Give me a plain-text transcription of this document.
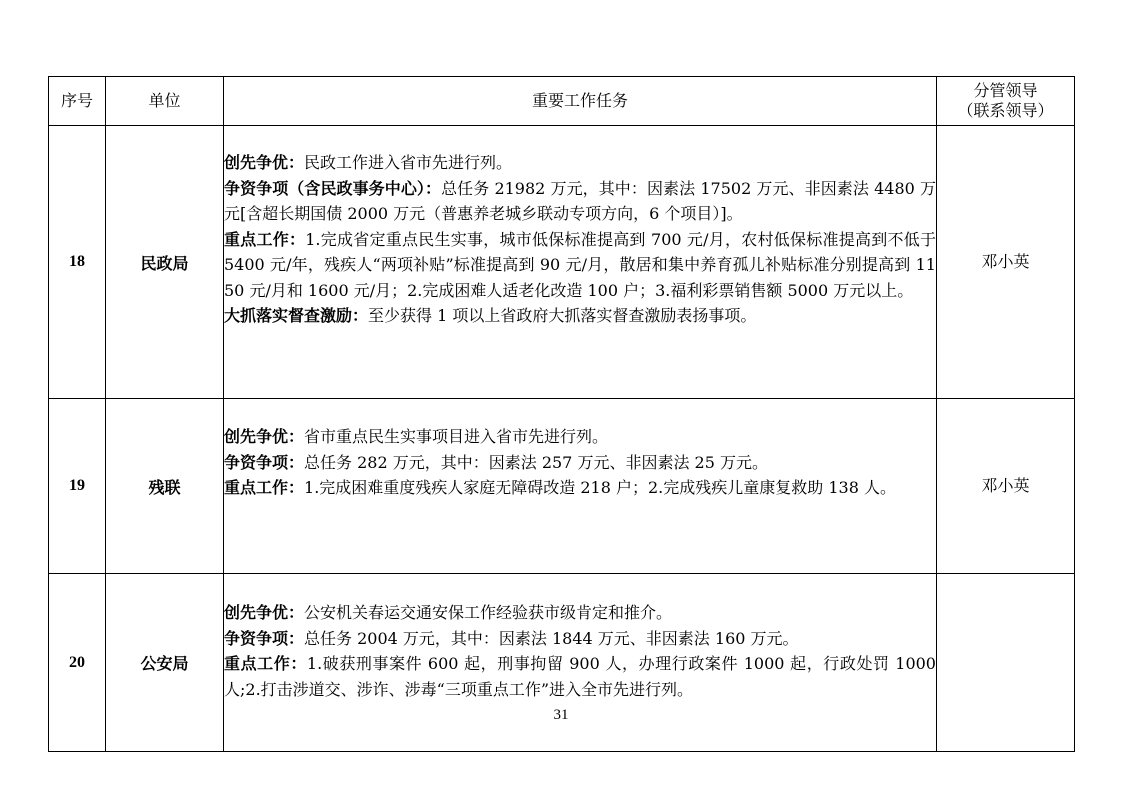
序号	单位	重要工作任务	分管领导
（联系领导）

18	民政局	创先争优：民政工作进入省市先进行列。
争资争项（含民政事务中心）：总任务 21982 万元，其中：因素法 17502 万元、非因素法 4480 万元[含超长期国债 2000 万元（普惠养老城乡联动专项方向，6 个项目）]。
重点工作：1.完成省定重点民生实事，城市低保标准提高到 700 元/月，农村低保标准提高到不低于 5400 元/年，残疾人“两项补贴”标准提高到 90 元/月，散居和集中养育孤儿补贴标准分别提高到 1150 元/月和 1600 元/月；2.完成困难人适老化改造 100 户；3.福利彩票销售额 5000 万元以上。
大抓落实督查激励：至少获得 1 项以上省政府大抓落实督查激励表扬事项。	邓小英
19	残联	创先争优：省市重点民生实事项目进入省市先进行列。
争资争项：总任务 282 万元，其中：因素法 257 万元、非因素法 25 万元。
重点工作：1.完成困难重度残疾人家庭无障碍改造 218 户；2.完成残疾儿童康复救助 138 人。	邓小英
20	公安局	创先争优：公安机关春运交通安保工作经验获市级肯定和推介。
争资争项：总任务 2004 万元，其中：因素法 1844 万元、非因素法 160 万元。
重点工作：1.破获刑事案件 600 起，刑事拘留 900 人，办理行政案件 1000 起，行政处罚 1000 人;2.打击涉道交、涉诈、涉毒“三项重点工作”进入全市先进行列。	

31
